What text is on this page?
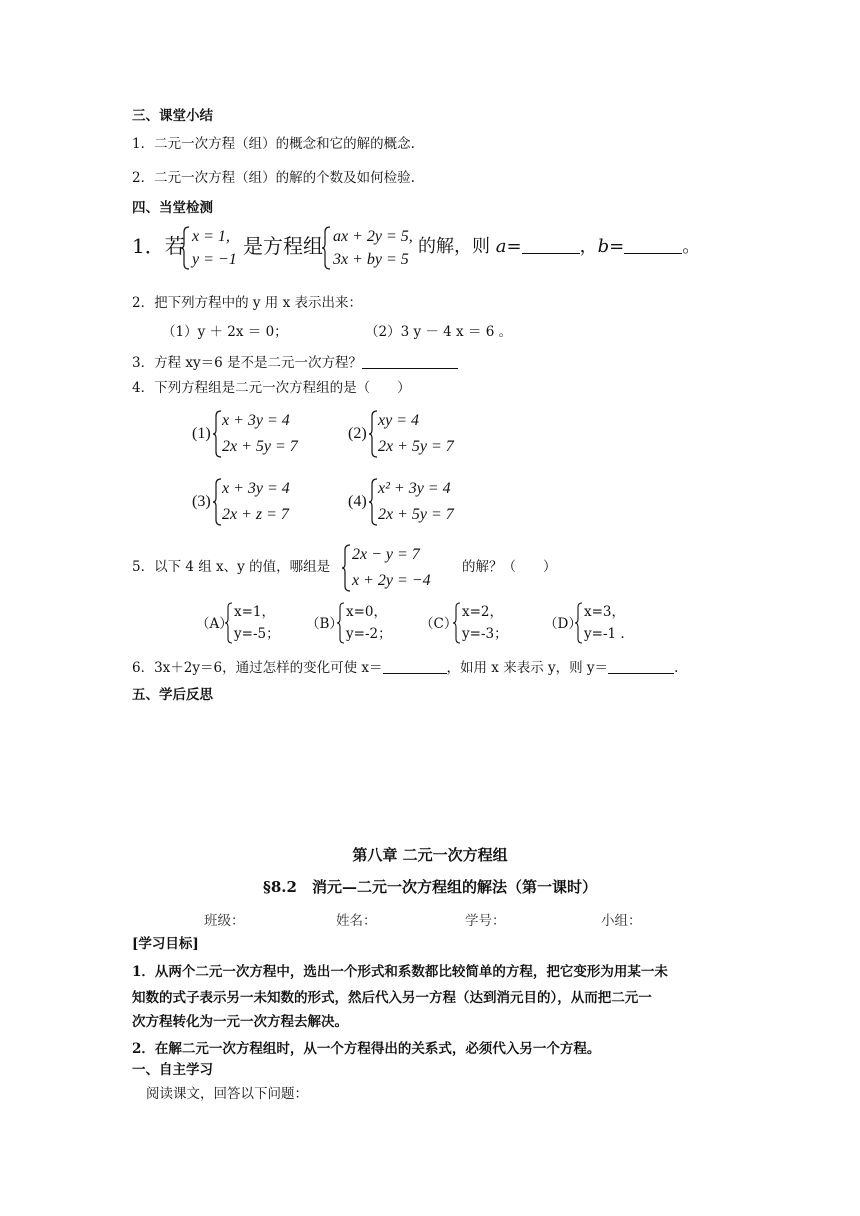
三、课堂小结
1．二元一次方程（组）的概念和它的解的概念.
2．二元一次方程（组）的解的个数及如何检验.
四、当堂检测
1．若 x = 1,
y = −1
是方程组 ax + 2y = 5,
3x + by = 5
的解，则 a=	，b=	。
2．把下列方程中的 y 用 x 表示出来：
（1）y ＋ 2x ＝ 0；	（2）3 y － 4 x ＝ 6 。
3．方程 xy＝6 是不是二元一次方程？
4．下列方程组是二元一次方程组的是（　　）
(1)
x + 3y = 4
2x + 5y = 7
(2)
xy = 4
2x + 5y = 7
(3)
x + 3y = 4
2x + z = 7
(4)
x² + 3y = 4
2x + 5y = 7
5．以下 4 组 x、y 的值，哪组是
2x − y = 7
x + 2y = −4
的解？（　　）
（A）
x=1，
y=-5；
（B）
x=0，
y=-2；
（C）
x=2，
y=-3；
（D）
x=3，
y=-1 .
6．3x＋2y＝6，通过怎样的变化可使 x＝	，如用 x 来表示 y，则 y＝	.
五、学后反思
第八章 二元一次方程组
§8.2　消元—二元一次方程组的解法（第一课时）
班级：	姓名：	学号：	小组：
[学习目标]
1．从两个二元一次方程中，选出一个形式和系数都比较简单的方程，把它变形为用某一未
知数的式子表示另一未知数的形式，然后代入另一方程（达到消元目的），从而把二元一
次方程转化为一元一次方程去解决。
2．在解二元一次方程组时，从一个方程得出的关系式，必须代入另一个方程。
一、自主学习
阅读课文，回答以下问题：
